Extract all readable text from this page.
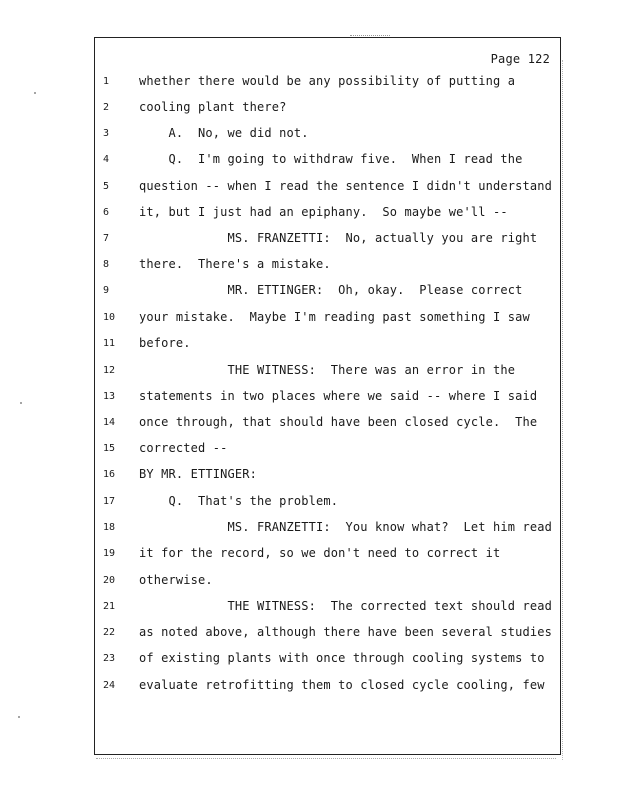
Page 122
1	whether there would be any possibility of putting a
2	cooling plant there?
3	A.  No, we did not.
4	Q.  I'm going to withdraw five.  When I read the
5	question -- when I read the sentence I didn't understand
6	it, but I just had an epiphany.  So maybe we'll --
7	MS. FRANZETTI:  No, actually you are right
8	there.  There's a mistake.
9	MR. ETTINGER:  Oh, okay.  Please correct
10	your mistake.  Maybe I'm reading past something I saw
11	before.
12	THE WITNESS:  There was an error in the
13	statements in two places where we said -- where I said
14	once through, that should have been closed cycle.  The
15	corrected --
16	BY MR. ETTINGER:
17	Q.  That's the problem.
18	MS. FRANZETTI:  You know what?  Let him read
19	it for the record, so we don't need to correct it
20	otherwise.
21	THE WITNESS:  The corrected text should read
22	as noted above, although there have been several studies
23	of existing plants with once through cooling systems to
24	evaluate retrofitting them to closed cycle cooling, few
